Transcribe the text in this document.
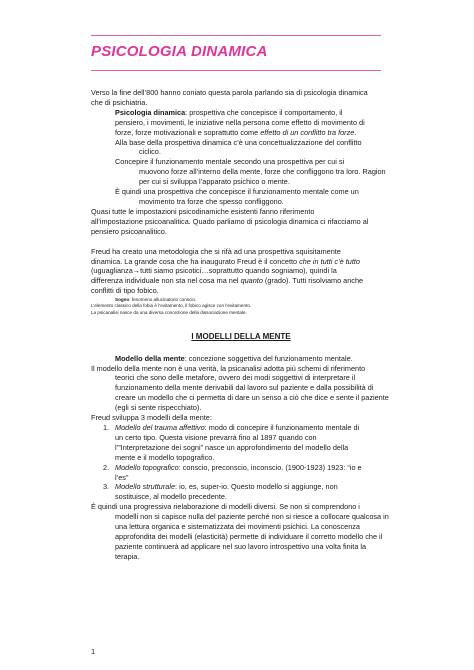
PSICOLOGIA DINAMICA

Verso la fine dell’800 hanno coniato questa parola parlando sia di psicologia dinamica

che di psichiatria.

Psicologia dinamica: prospettiva che concepisce il comportamento, il

pensiero, i movimenti, le iniziative nella persona come effetto di movimento di

forze, forze motivazionali e soprattutto come effetto di un conflitto tra forze.

Alla base della prospettiva dinamica c’è una concettualizzazione del conflitto

ciclico.

Concepire il funzionamento mentale secondo una prospettiva per cui si

muovono forze all’interno della mente, forze che confliggono tra loro. Ragion

per cui si sviluppa l’apparato psichico o mente.

È quindi una prospettiva che concepisce il funzionamento mentale come un

movimento tra forze che spesso confliggono.

Quasi tutte le impostazioni psicodinamiche esistenti fanno riferimento

all’impostazione psicoanalitica. Quado parliamo di psicologia dinamica ci rifacciamo al

pensiero psicoanalitico.

Freud ha creato una metodologia che si rifà ad una prospettiva squisitamente

dinamica. La grande cosa che ha inaugurato Freud è il concetto che in tutti c’è tutto

(uguaglianza→tutti siamo psicotici…soprattutto quando sogniamo), quindi la

differenza individuale non sta nel cosa ma nel quanto (grado). Tutti risolviamo anche

conflitti di tipo fobico.

Sogno: fenomeno allucinatorio conscio.

L’elemento classico della fobia è l’evitamento, il fobico agisce con l’evitamento.

La psicanalisi nasce da una diversa concezione della dissociazione mentale.

I MODELLI DELLA MENTE

Modello della mente: concezione soggettiva del funzionamento mentale.

Il modello della mente non è una verità, la psicanalisi adotta più schemi di riferimento

teorici che sono delle metafore, ovvero dei modi soggettivi di interpretare il

funzionamento della mente derivabili dal lavoro sul paziente e dalla possibilità di

creare un modello che ci permetta di dare un senso a ciò che dice e sente il paziente

(egli si sente rispecchiato).

Freud sviluppa 3 modelli della mente:

1. Modello del trauma affettivo: modo di concepire il funzionamento mentale di

un certo tipo. Questa visione prevarrà fino al 1897 quando con

l’”Interpretazione dei sogni” nasce un approfondimento del modello della

mente e il modello topografico.

2. Modello topografico: conscio, preconscio, inconscio. (1900-1923) 1923: “io e

l’es”

3. Modello strutturale: io, es, super-io. Questo modello si aggiunge, non

sostituisce, al modello precedente.

È quindi una progressiva rielaborazione di modelli diversi. Se non si comprendono i

modelli non si capisce nulla del paziente perché non si riesce a collocare qualcosa in

una lettura organica e sistematizzata dei movimenti psichici. La conoscenza

approfondita dei modelli (elasticità) permette di individuare il corretto modello che il

paziente continuerà ad applicare nel suo lavoro introspettivo una volta finita la

terapia.

1
